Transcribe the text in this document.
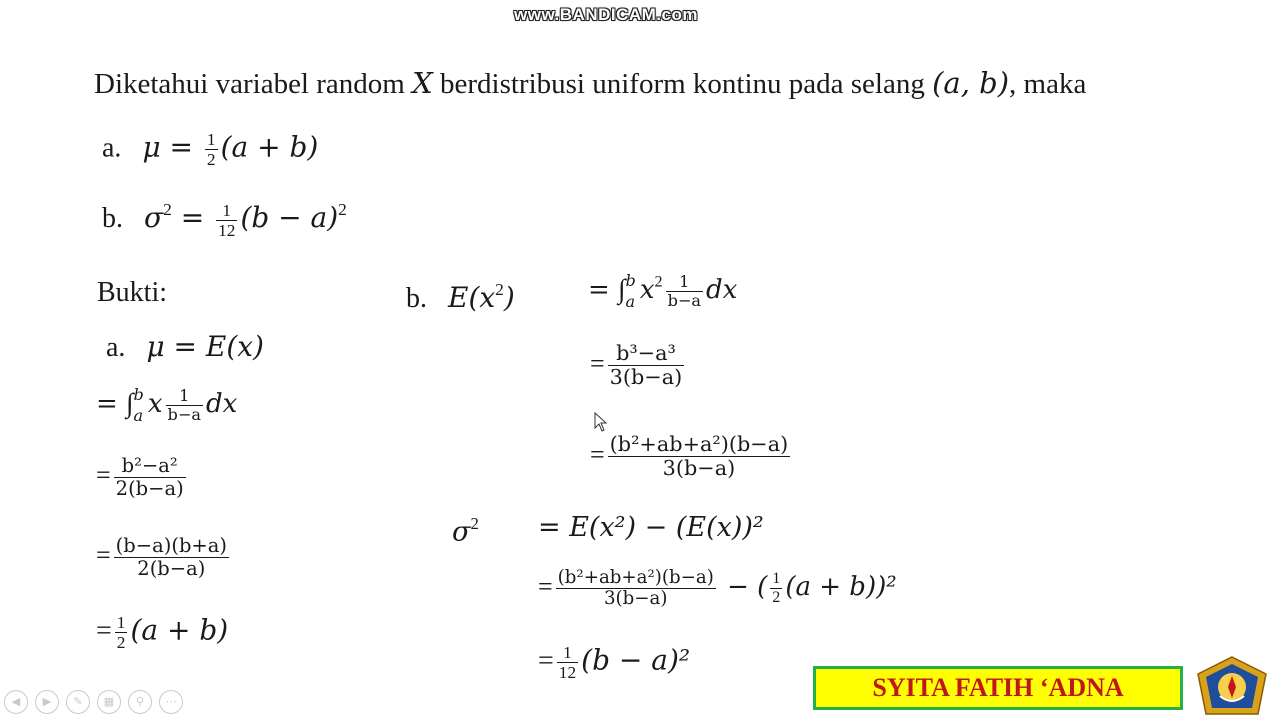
www.BANDICAM.com
Diketahui variabel random X berdistribusi uniform kontinu pada selang (a, b), maka
a. $\mu = \frac{1}{2} (a + b)$
b. $\sigma^2 = \frac{1}{12} (b - a)^2$
Bukti:
a. μ = E(x)
= ∫ b
a x $\frac{1}{b-a}$ dx
= $\frac{\text{b²−a²}}{2(b-a)}$
= $\frac{(b-a)(b+a)}{2(b-a)}$
= $\frac{1}{2} (a + b)$
b. $E(x^2)$	= ∫ b
a $x^2 \frac{1}{b-a}$ dx
= $\frac{\text{b³−a³}}{3(b-a)}$
= $\frac{\text{(b²+ab+a²)(b−a)}}{3(b-a)}$
$\sigma^2 = E(x^2) - (E(x))^2$
= $\frac{\text{(b²+ab+a²)(b−a)}}{3(b-a)}$ − ( $\frac{1}{2} (a + b))^2$
= $\frac{1}{12} (b - a)^2$
◀	▶	✎	▦	⚲	⋯	SYITA FATIH ‘ADNA
